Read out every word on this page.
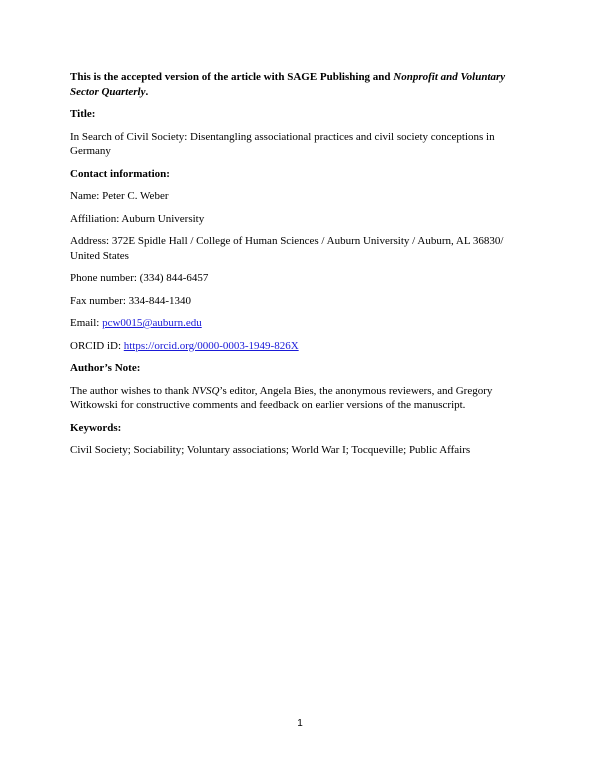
This is the accepted version of the article with SAGE Publishing and Nonprofit and Voluntary Sector Quarterly.

Title:

In Search of Civil Society: Disentangling associational practices and civil society conceptions in Germany

Contact information:

Name: Peter C. Weber

Affiliation: Auburn University

Address: 372E Spidle Hall / College of Human Sciences / Auburn University / Auburn, AL 36830/ United States

Phone number: (334) 844-6457

Fax number: 334-844-1340

Email: pcw0015@auburn.edu

ORCID iD: https://orcid.org/0000-0003-1949-826X

Author’s Note:

The author wishes to thank NVSQ’s editor, Angela Bies, the anonymous reviewers, and Gregory Witkowski for constructive comments and feedback on earlier versions of the manuscript.

Keywords:

Civil Society; Sociability; Voluntary associations; World War I; Tocqueville; Public Affairs

1
